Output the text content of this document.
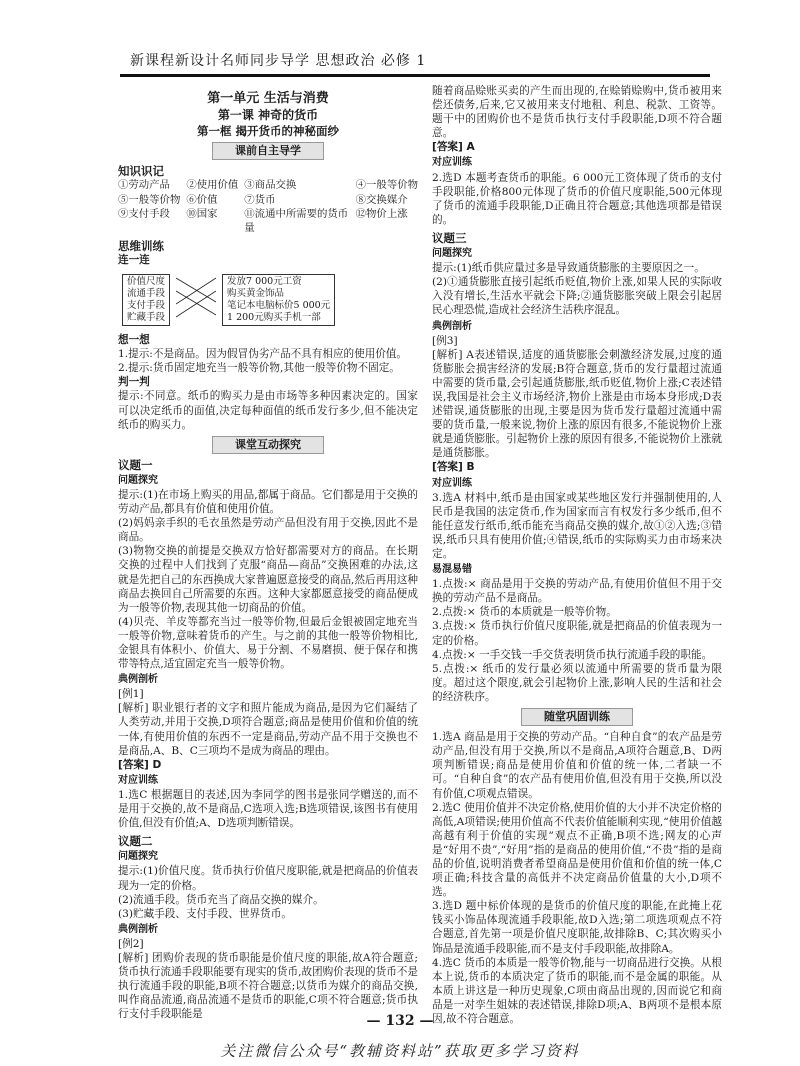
新课程新设计名师同步导学 思想政治 必修 1
第一单元 生活与消费
第一课 神奇的货币
第一框 揭开货币的神秘面纱
课前自主导学
知识识记
①劳动产品	②使用价值 ③商品交换	④一般等价物
⑤一般等价物 ⑥价值	⑦货币	⑧交换媒介
⑨支付手段	⑩国家	⑪流通中所需要的货币量
⑫物价上涨
思维训练
连一连
价值尺度
流通手段
支付手段
贮藏手段
发放7 000元工资
购买黄金饰品
笔记本电脑标价5 000元
1 200元购买手机一部
想一想

1.提示:不是商品。因为假冒伪劣产品不具有相应的使用价值。

2.提示:货币固定地充当一般等价物,其他一般等价物不固定。

判一判

提示:不同意。纸币的购买力是由市场等多种因素决定的。国家可以决定纸币的面值,决定每种面值的纸币发行多少,但不能决定纸币的购买力。

课堂互动探究
议题一
问题探究

提示:(1)在市场上购买的用品,都属于商品。它们都是用于交换的劳动产品,都具有价值和使用价值。

(2)妈妈亲手织的毛衣虽然是劳动产品但没有用于交换,因此不是商品。

(3)物物交换的前提是交换双方恰好都需要对方的商品。在长期交换的过程中人们找到了克服“商品—商品”交换困难的办法,这就是先把自己的东西换成大家普遍愿意接受的商品,然后再用这种商品去换回自己所需要的东西。这种大家都愿意接受的商品便成为一般等价物,表现其他一切商品的价值。

(4)贝壳、羊皮等都充当过一般等价物,但最后金银被固定地充当一般等价物,意味着货币的产生。与之前的其他一般等价物相比,金银具有体积小、价值大、易于分割、不易磨损、便于保存和携带等特点,适宜固定充当一般等价物。

典例剖析
[例1]

[解析] 职业银行者的文字和照片能成为商品,是因为它们凝结了人类劳动,并用于交换,D项符合题意;商品是使用价值和价值的统一体,有使用价值的东西不一定是商品,劳动产品不用于交换也不是商品,A、B、C三项均不是成为商品的理由。

[答案] D
对应训练

1.选C 根据题目的表述,因为李同学的图书是张同学赠送的,而不是用于交换的,故不是商品,C选项入选;B选项错误,该图书有使用价值,但没有价值;A、D选项判断错误。

议题二
问题探究

提示:(1)价值尺度。货币执行价值尺度职能,就是把商品的价值表现为一定的价格。

(2)流通手段。货币充当了商品交换的媒介。

(3)贮藏手段、支付手段、世界货币。

典例剖析
[例2]

[解析] 团购价表现的货币职能是价值尺度的职能,故A符合题意;货币执行流通手段职能要有现实的货币,故团购价表现的货币不是执行流通手段的职能,B项不符合题意;以货币为媒介的商品交换,叫作商品流通,商品流通不是货币的职能,C项不符合题意;货币执行支付手段职能是

随着商品赊账买卖的产生而出现的,在赊销赊购中,货币被用来偿还债务,后来,它又被用来支付地租、利息、税款、工资等。题干中的团购价也不是货币执行支付手段职能,D项不符合题意。

[答案] A
对应训练

2.选D 本题考查货币的职能。6 000元工资体现了货币的支付手段职能,价格800元体现了货币的价值尺度职能,500元体现了货币的流通手段职能,D正确且符合题意;其他选项都是错误的。

议题三
问题探究

提示:(1)纸币供应量过多是导致通货膨胀的主要原因之一。

(2)①通货膨胀直接引起纸币贬值,物价上涨,如果人民的实际收入没有增长,生活水平就会下降;②通货膨胀突破上限会引起居民心理恐慌,造成社会经济生活秩序混乱。

典例剖析
[例3]

[解析] A表述错误,适度的通货膨胀会刺激经济发展,过度的通货膨胀会损害经济的发展;B符合题意,货币的发行量超过流通中需要的货币量,会引起通货膨胀,纸币贬值,物价上涨;C表述错误,我国是社会主义市场经济,物价上涨是由市场本身形成;D表述错误,通货膨胀的出现,主要是因为货币发行量超过流通中需要的货币量,一般来说,物价上涨的原因有很多,不能说物价上涨就是通货膨胀。引起物价上涨的原因有很多,不能说物价上涨就是通货膨胀。

[答案] B
对应训练

3.选A 材料中,纸币是由国家或某些地区发行并强制使用的,人民币是我国的法定货币,作为国家而言有权发行多少纸币,但不能任意发行纸币,纸币能充当商品交换的媒介,故①②入选;③错误,纸币只具有使用价值;④错误,纸币的实际购买力由市场来决定。

易混易错

1.点拨:× 商品是用于交换的劳动产品,有使用价值但不用于交换的劳动产品不是商品。

2.点拨:× 货币的本质就是一般等价物。

3.点拨:× 货币执行价值尺度职能,就是把商品的价值表现为一定的价格。

4.点拨:× 一手交钱一手交货表明货币执行流通手段的职能。

5.点拨:× 纸币的发行量必须以流通中所需要的货币量为限度。超过这个限度,就会引起物价上涨,影响人民的生活和社会的经济秩序。

随堂巩固训练

1.选A 商品是用于交换的劳动产品。“自种自食”的农产品是劳动产品,但没有用于交换,所以不是商品,A项符合题意,B、D两项判断错误;商品是使用价值和价值的统一体,二者缺一不可。“自种自食”的农产品有使用价值,但没有用于交换,所以没有价值,C项观点错误。

2.选C 使用价值并不决定价格,使用价值的大小并不决定价格的高低,A项错误;使用价值高不代表价值能顺利实现,“使用价值越高越有利于价值的实现”观点不正确,B项不选;网友的心声是“好用不贵”,“好用”指的是商品的使用价值,“不贵”指的是商品的价值,说明消费者希望商品是使用价值和价值的统一体,C项正确;科技含量的高低并不决定商品价值量的大小,D项不选。

3.选D 题中标价体现的是货币的价值尺度的职能,在此掩上花钱买小饰品体现流通手段职能,故D入选;第二项选项观点不符合题意,首先第一项是价值尺度职能,故排除B、C;其次购买小饰品是流通手段职能,而不是支付手段职能,故排除A。

4.选C 货币的本质是一般等价物,能与一切商品进行交换。从根本上说,货币的本质决定了货币的职能,而不是金属的职能。从本质上讲这是一种历史现象,C项由商品出现的,因而说它和商品是一对孪生姐妹的表述错误,排除D项;A、B两项不是根本原因,故不符合题意。

— 132 —
关注微信公众号“教辅资料站”获取更多学习资料
